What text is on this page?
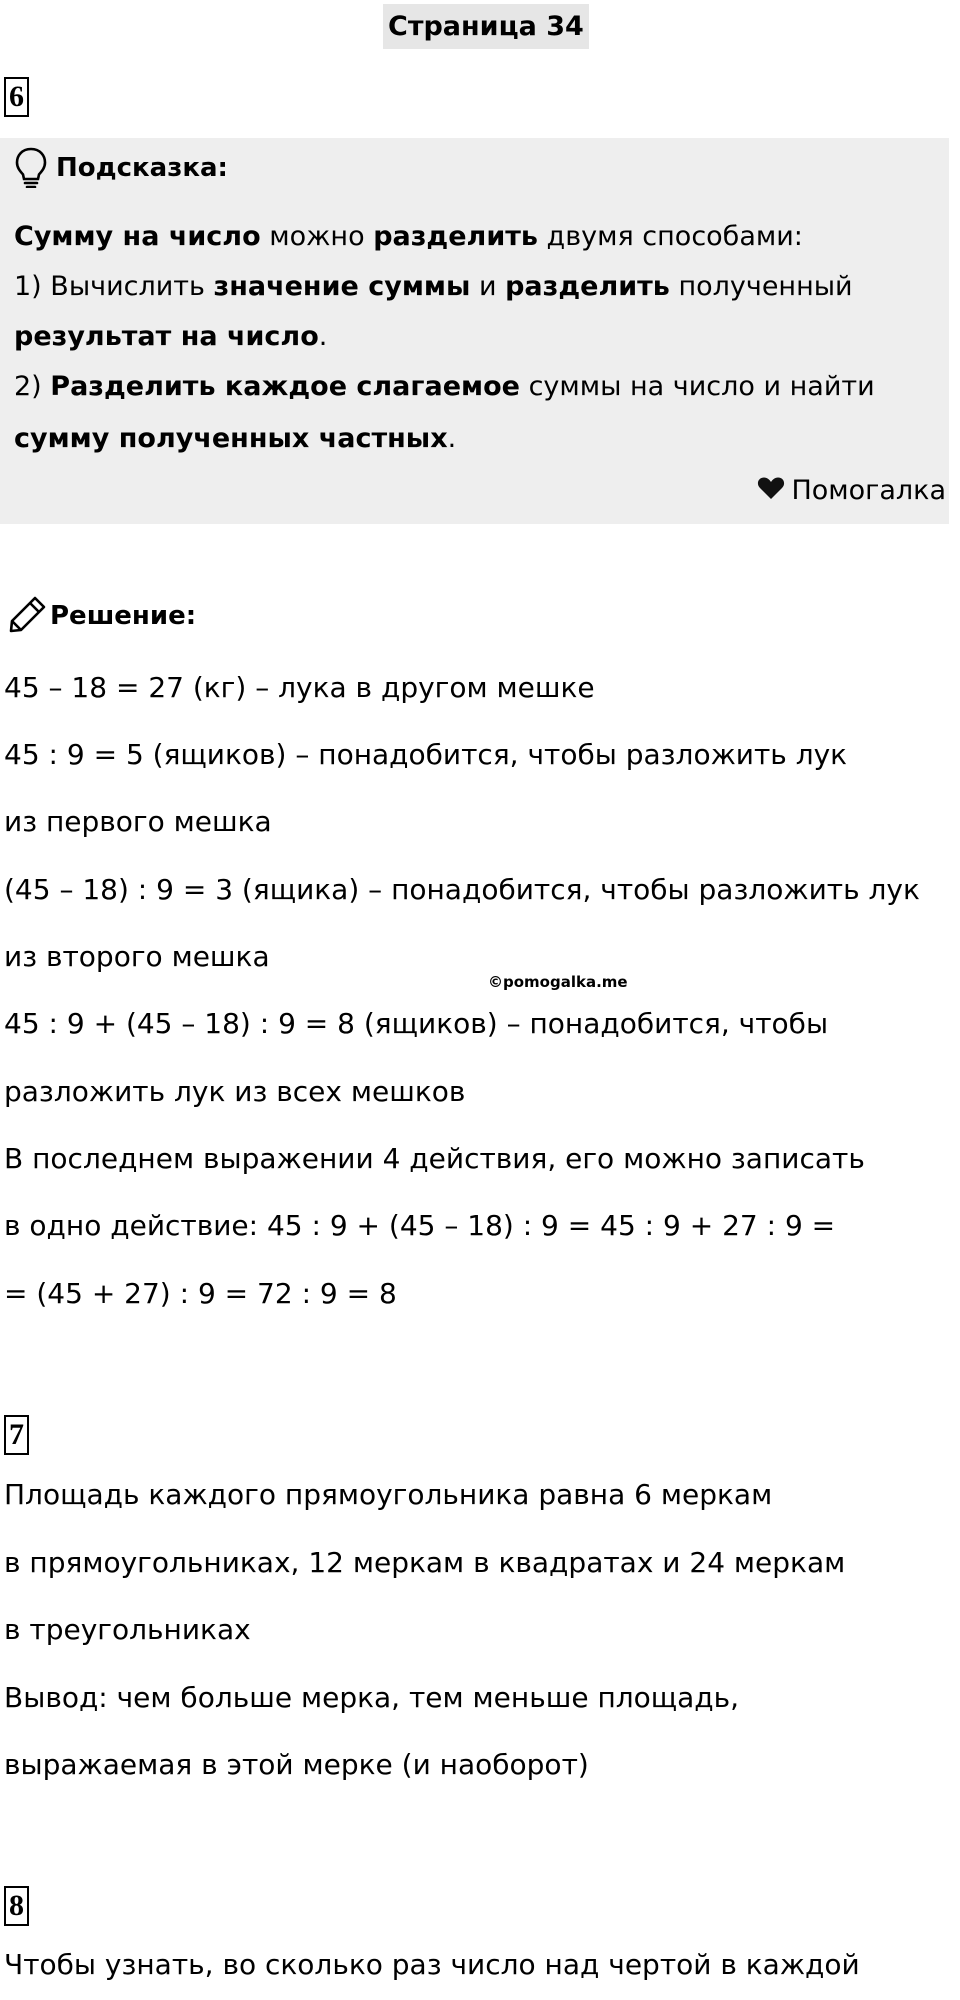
Страница 34
6
Подсказка:
Сумму на число можно разделить двумя способами:
1) Вычислить значение суммы и разделить полученный
результат на число.
2) Разделить каждое слагаемое суммы на число и найти
сумму полученных частных.
Помогалка
Решение:
45 – 18 = 27 (кг) – лука в другом мешке
45 : 9 = 5 (ящиков) – понадобится, чтобы разложить лук
из первого мешка
(45 – 18) : 9 = 3 (ящика) – понадобится, чтобы разложить лук
из второго мешка
©pomogalka.me
45 : 9 + (45 – 18) : 9 = 8 (ящиков) – понадобится, чтобы
разложить лук из всех мешков
В последнем выражении 4 действия, его можно записать
в одно действие: 45 : 9 + (45 – 18) : 9 = 45 : 9 + 27 : 9 =
= (45 + 27) : 9 = 72 : 9 = 8
7
Площадь каждого прямоугольника равна 6 меркам
в прямоугольниках, 12 меркам в квадратах и 24 меркам
в треугольниках
Вывод: чем больше мерка, тем меньше площадь,
выражаемая в этой мерке (и наоборот)
8
Чтобы узнать, во сколько раз число над чертой в каждой
